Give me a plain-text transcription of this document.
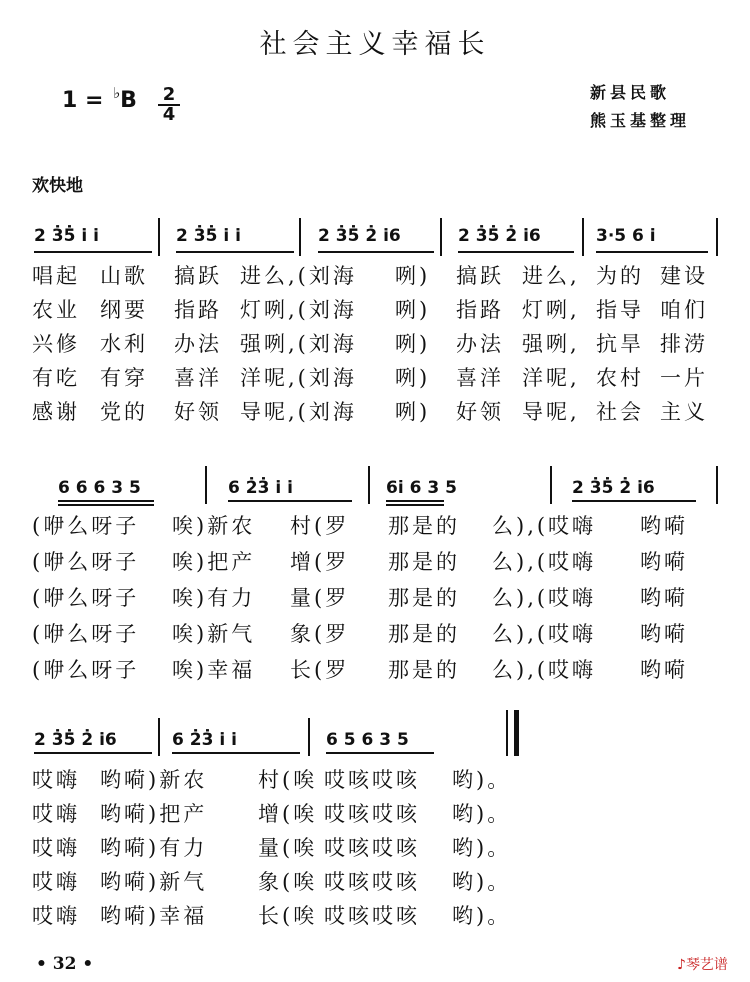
社会主义幸福长
1 = ♭B 2
4
新县民歌
熊玉基整理
欢快地
2 3̇5̇ i̇ i̇	2 3̇5̇ i̇ i̇	2 3̇5̇ 2̇ i̇6	2 3̇5̇ 2̇ i̇6	3·5 6 i̇
唱起 山歌 搞跃 进么,(刘海 咧) 搞跃 进么, 为的 建设
农业 纲要 指路 灯咧,(刘海 咧) 指路 灯咧, 指导 咱们
兴修 水利 办法 强咧,(刘海 咧) 办法 强咧, 抗旱 排涝
有吃 有穿 喜洋 洋呢,(刘海 咧) 喜洋 洋呢, 农村 一片
感谢 党的 好领 导呢,(刘海 咧) 好领 导呢, 社会 主义
6 6 6 3 5	6 2̇3̇ i̇ i̇	6i 6 3 5	2 3̇5̇ 2̇ i̇6
(咿么呀子 唉)新农 村(罗 那是的 么),(哎嗨 哟嗬
(咿么呀子 唉)把产 增(罗 那是的 么),(哎嗨 哟嗬
(咿么呀子 唉)有力 量(罗 那是的 么),(哎嗨 哟嗬
(咿么呀子 唉)新气 象(罗 那是的 么),(哎嗨 哟嗬
(咿么呀子 唉)幸福 长(罗 那是的 么),(哎嗨 哟嗬
2 3̇5̇ 2̇ i̇6	6 2̇3̇ i̇ i̇	6 5 6 3 5
哎嗨 哟嗬)新农 村(唉 哎咳哎咳 哟)。
哎嗨 哟嗬)把产 增(唉 哎咳哎咳 哟)。
哎嗨 哟嗬)有力 量(唉 哎咳哎咳 哟)。
哎嗨 哟嗬)新气 象(唉 哎咳哎咳 哟)。
哎嗨 哟嗬)幸福 长(唉 哎咳哎咳 哟)。
• 32 •	♪琴艺谱
